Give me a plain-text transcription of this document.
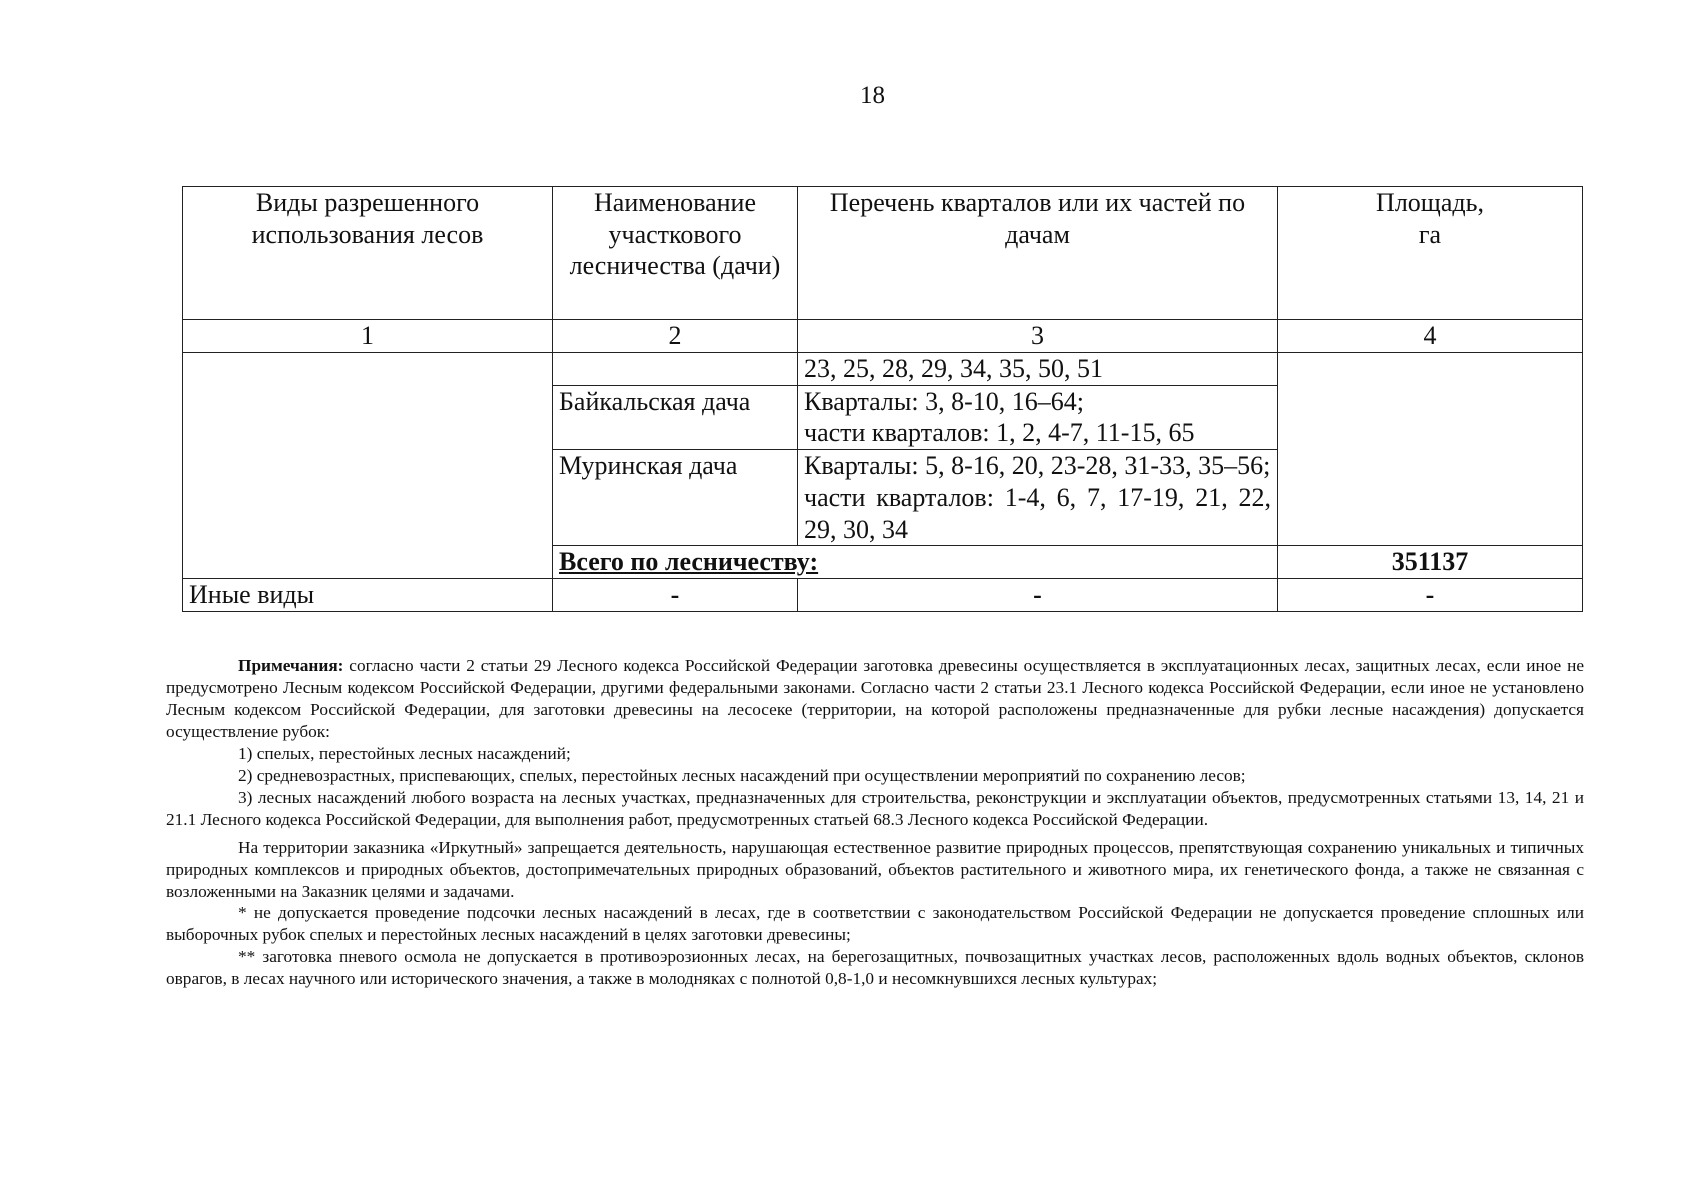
18
Виды разрешенного использования лесов	Наименование участкового лесничества (дачи)	Перечень кварталов или их частей по дачам	Площадь, га
1	2	3	4
		23, 25, 28, 29, 34, 35, 50, 51	
	Байкальская дача	Кварталы: 3, 8-10, 16–64;
части кварталов: 1, 2, 4-7, 11-15, 65	

	Муринская дача	Кварталы: 5, 8-16, 20, 23-28, 31-33, 35–56;
части кварталов: 1-4, 6, 7, 17-19, 21, 22, 29, 30, 34	

	Всего по лесничеству:		351137
Иные виды	-	-	-

Примечания: согласно части 2 статьи 29 Лесного кодекса Российской Федерации заготовка древесины осуществляется в эксплуатационных лесах, защитных лесах, если иное не предусмотрено Лесным кодексом Российской Федерации, другими федеральными законами. Согласно части 2 статьи 23.1 Лесного кодекса Российской Федерации, если иное не установлено Лесным кодексом Российской Федерации, для заготовки древесины на лесосеке (территории, на которой расположены предназначенные для рубки лесные насаждения) допускается осуществление рубок:

1) спелых, перестойных лесных насаждений;

2) средневозрастных, приспевающих, спелых, перестойных лесных насаждений при осуществлении мероприятий по сохранению лесов;

3) лесных насаждений любого возраста на лесных участках, предназначенных для строительства, реконструкции и эксплуатации объектов, предусмотренных статьями 13, 14, 21 и 21.1 Лесного кодекса Российской Федерации, для выполнения работ, предусмотренных статьей 68.3 Лесного кодекса Российской Федерации.

На территории заказника «Иркутный» запрещается деятельность, нарушающая естественное развитие природных процессов, препятствующая сохранению уникальных и типичных природных комплексов и природных объектов, достопримечательных природных образований, объектов растительного и животного мира, их генетического фонда, а также не связанная с возложенными на Заказник целями и задачами.

* не допускается проведение подсочки лесных насаждений в лесах, где в соответствии с законодательством Российской Федерации не допускается проведение сплошных или выборочных рубок спелых и перестойных лесных насаждений в целях заготовки древесины;

** заготовка пневого осмола не допускается в противоэрозионных лесах, на берегозащитных, почвозащитных участках лесов, расположенных вдоль водных объектов, склонов оврагов, в лесах научного или исторического значения, а также в молодняках с полнотой 0,8-1,0 и несомкнувшихся лесных культурах;
